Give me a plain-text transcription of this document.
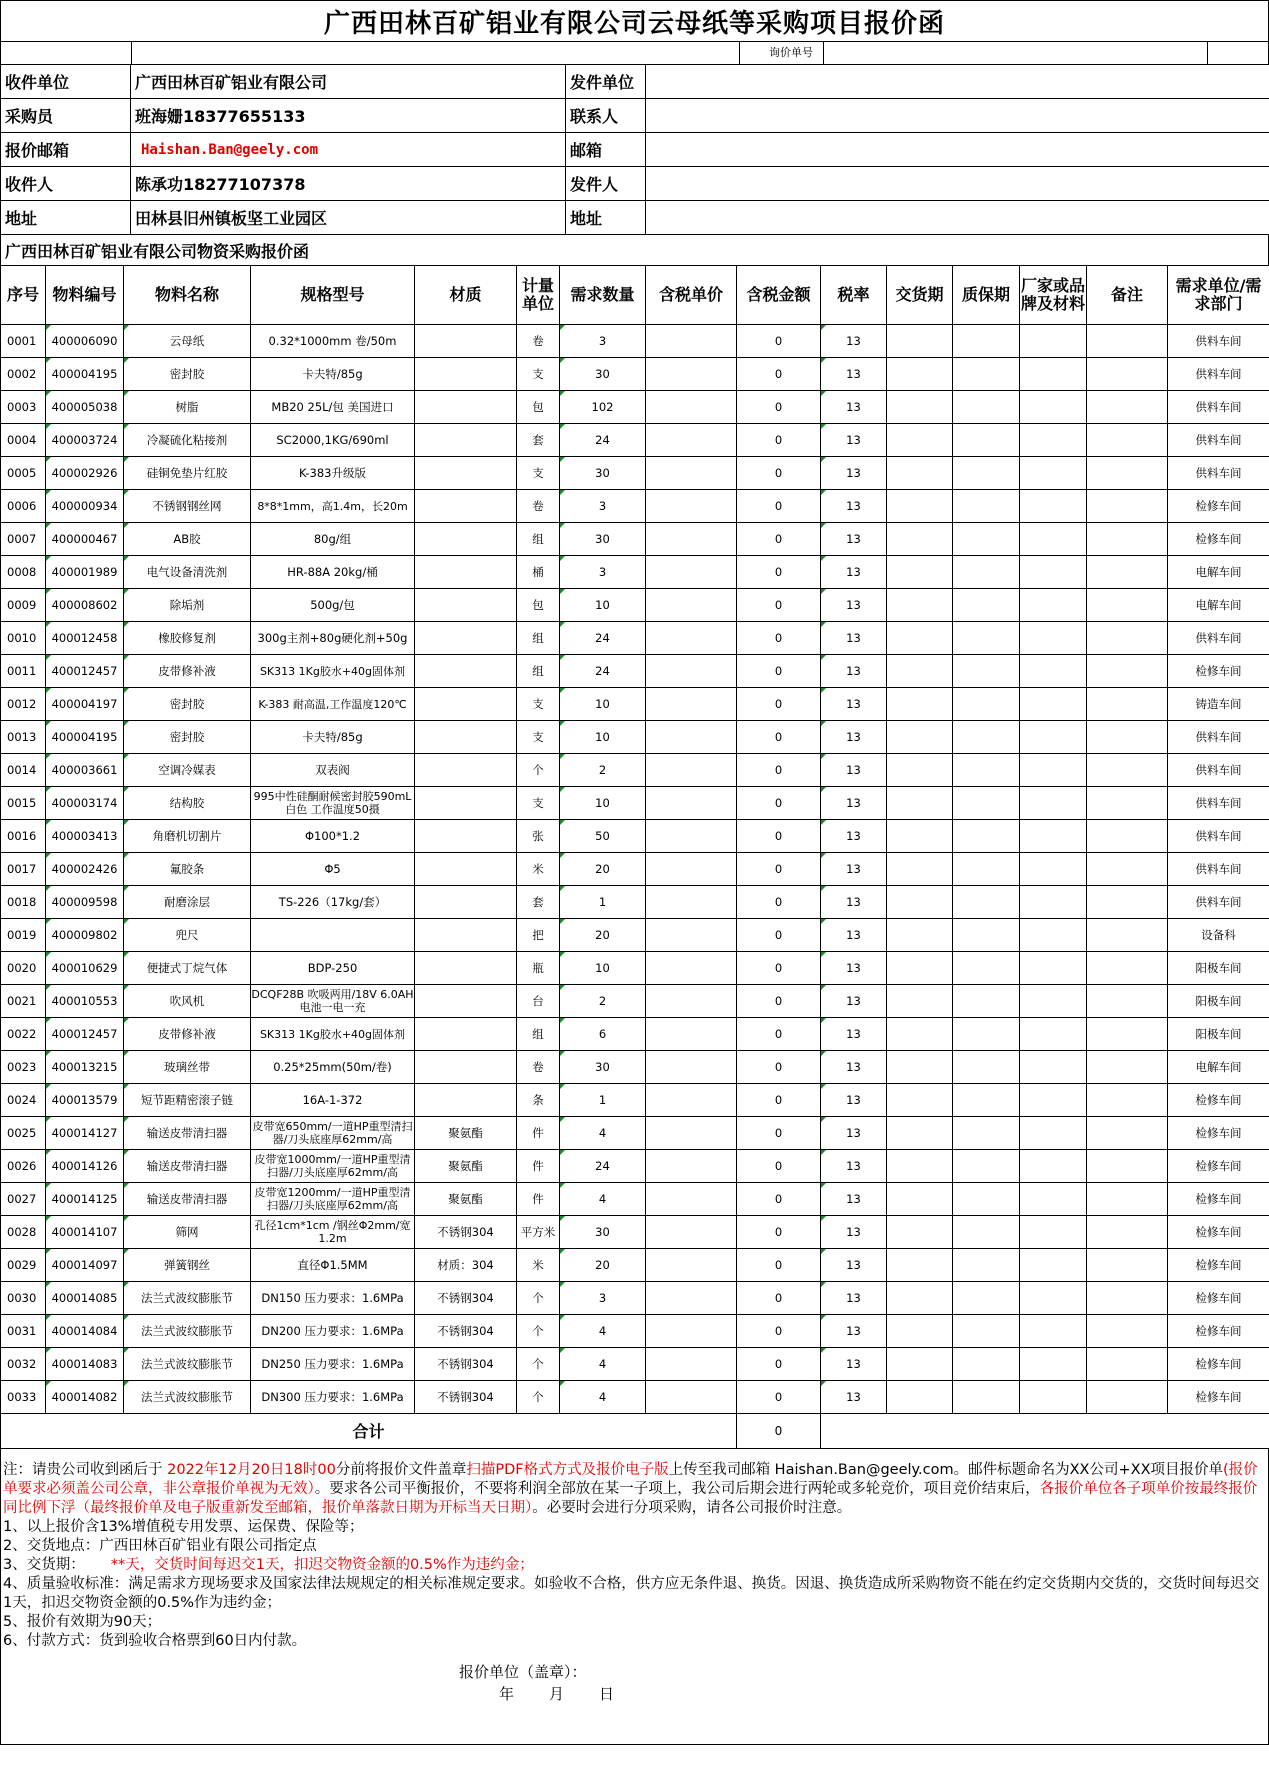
广西田林百矿铝业有限公司云母纸等采购项目报价函
询价单号
收件单位	广西田林百矿铝业有限公司	发件单位	
采购员	班海姗18377655133	联系人	
报价邮箱	Haishan.Ban@geely.com	邮箱	
收件人	陈承功18277107378	发件人	
地址	田林县旧州镇板坚工业园区	地址	
广西田林百矿铝业有限公司物资采购报价函
序号	物料编号	物料名称	规格型号	材质	计量单位	需求数量	含税单价	含税金额	税率	交货期	质保期	厂家或品牌及材料	备注	需求单位/需求部门
0001	400006090	云母纸	0.32*1000mm 卷/50m		卷	3		0	13					供料车间
0002	400004195	密封胶	卡夫特/85g		支	30		0	13					供料车间
0003	400005038	树脂	MB20 25L/包 美国进口		包	102		0	13					供料车间
0004	400003724	冷凝硫化粘接剂	SC2000,1KG/690ml		套	24		0	13					供料车间
0005	400002926	硅铜免垫片红胶	K-383升级版		支	30		0	13					供料车间
0006	400000934	不锈钢钢丝网	8*8*1mm，高1.4m，长20m		卷	3		0	13					检修车间
0007	400000467	AB胶	80g/组		组	30		0	13					检修车间
0008	400001989	电气设备清洗剂	HR-88A 20kg/桶		桶	3		0	13					电解车间
0009	400008602	除垢剂	500g/包		包	10		0	13					电解车间
0010	400012458	橡胶修复剂	300g主剂+80g硬化剂+50g		组	24		0	13					供料车间
0011	400012457	皮带修补液	SK313 1Kg胶水+40g固体剂		组	24		0	13					检修车间
0012	400004197	密封胶	K-383 耐高温,工作温度120℃		支	10		0	13					铸造车间
0013	400004195	密封胶	卡夫特/85g		支	10		0	13					供料车间
0014	400003661	空调冷媒表	双表阀		个	2		0	13					供料车间
0015	400003174	结构胶	995中性硅酮耐候密封胶590mL 白色 工作温度50摄		支	10		0	13					供料车间
0016	400003413	角磨机切割片	Φ100*1.2		张	50		0	13					供料车间
0017	400002426	氟胶条	Φ5		米	20		0	13					供料车间
0018	400009598	耐磨涂层	TS-226（17kg/套）		套	1		0	13					供料车间
0019	400009802	兜尺			把	20		0	13					设备科
0020	400010629	便捷式丁烷气体	BDP-250		瓶	10		0	13					阳极车间
0021	400010553	吹风机	DCQF28B 吹吸两用/18V 6.0AH电池一电一充		台	2		0	13					阳极车间
0022	400012457	皮带修补液	SK313 1Kg胶水+40g固体剂		组	6		0	13					阳极车间
0023	400013215	玻璃丝带	0.25*25mm(50m/卷)		卷	30		0	13					电解车间
0024	400013579	短节距精密滚子链	16A-1-372		条	1		0	13					检修车间
0025	400014127	输送皮带清扫器	皮带宽650mm/一道HP重型清扫器/刀头底座厚62mm/高	聚氨酯	件	4		0	13					检修车间
0026	400014126	输送皮带清扫器	皮带宽1000mm/一道HP重型清扫器/刀头底座厚62mm/高	聚氨酯	件	24		0	13					检修车间
0027	400014125	输送皮带清扫器	皮带宽1200mm/一道HP重型清扫器/刀头底座厚62mm/高	聚氨酯	件	4		0	13					检修车间
0028	400014107	筛网	孔径1cm*1cm /钢丝Φ2mm/宽1.2m	不锈钢304	平方米	30		0	13					检修车间
0029	400014097	弹簧钢丝	直径Φ1.5MM	材质：304	米	20		0	13					检修车间
0030	400014085	法兰式波纹膨胀节	DN150 压力要求：1.6MPa	不锈钢304	个	3		0	13					检修车间
0031	400014084	法兰式波纹膨胀节	DN200 压力要求：1.6MPa	不锈钢304	个	4		0	13					检修车间
0032	400014083	法兰式波纹膨胀节	DN250 压力要求：1.6MPa	不锈钢304	个	4		0	13					检修车间
0033	400014082	法兰式波纹膨胀节	DN300 压力要求：1.6MPa	不锈钢304	个	4		0	13					检修车间
合计								0						

注：请贵公司收到函后于 2022年12月20日18时00分前将报价文件盖章扫描PDF格式方式及报价电子版上传至我司邮箱 Haishan.Ban@geely.com。邮件标题命名为XX公司+XX项目报价单(报价单要求必须盖公司公章，非公章报价单视为无效）。要求各公司平衡报价，不要将利润全部放在某一子项上，我公司后期会进行两轮或多轮竞价，项目竞价结束后，各报价单位各子项单价按最终报价同比例下浮（最终报价单及电子版重新发至邮箱，报价单落款日期为开标当天日期）。必要时会进行分项采购，请各公司报价时注意。

1、以上报价含13%增值税专用发票、运保费、保险等；

2、交货地点：广西田林百矿铝业有限公司指定点

3、交货期： **天，交货时间每迟交1天，扣迟交物资金额的0.5%作为违约金；

4、质量验收标准：满足需求方现场要求及国家法律法规规定的相关标准规定要求。如验收不合格，供方应无条件退、换货。因退、换货造成所采购物资不能在约定交货期内交货的，交货时间每迟交1天，扣迟交物资金额的0.5%作为违约金；

5、报价有效期为90天；

6、付款方式：货到验收合格票到60日内付款。

报价单位（盖章）：
年 月 日
